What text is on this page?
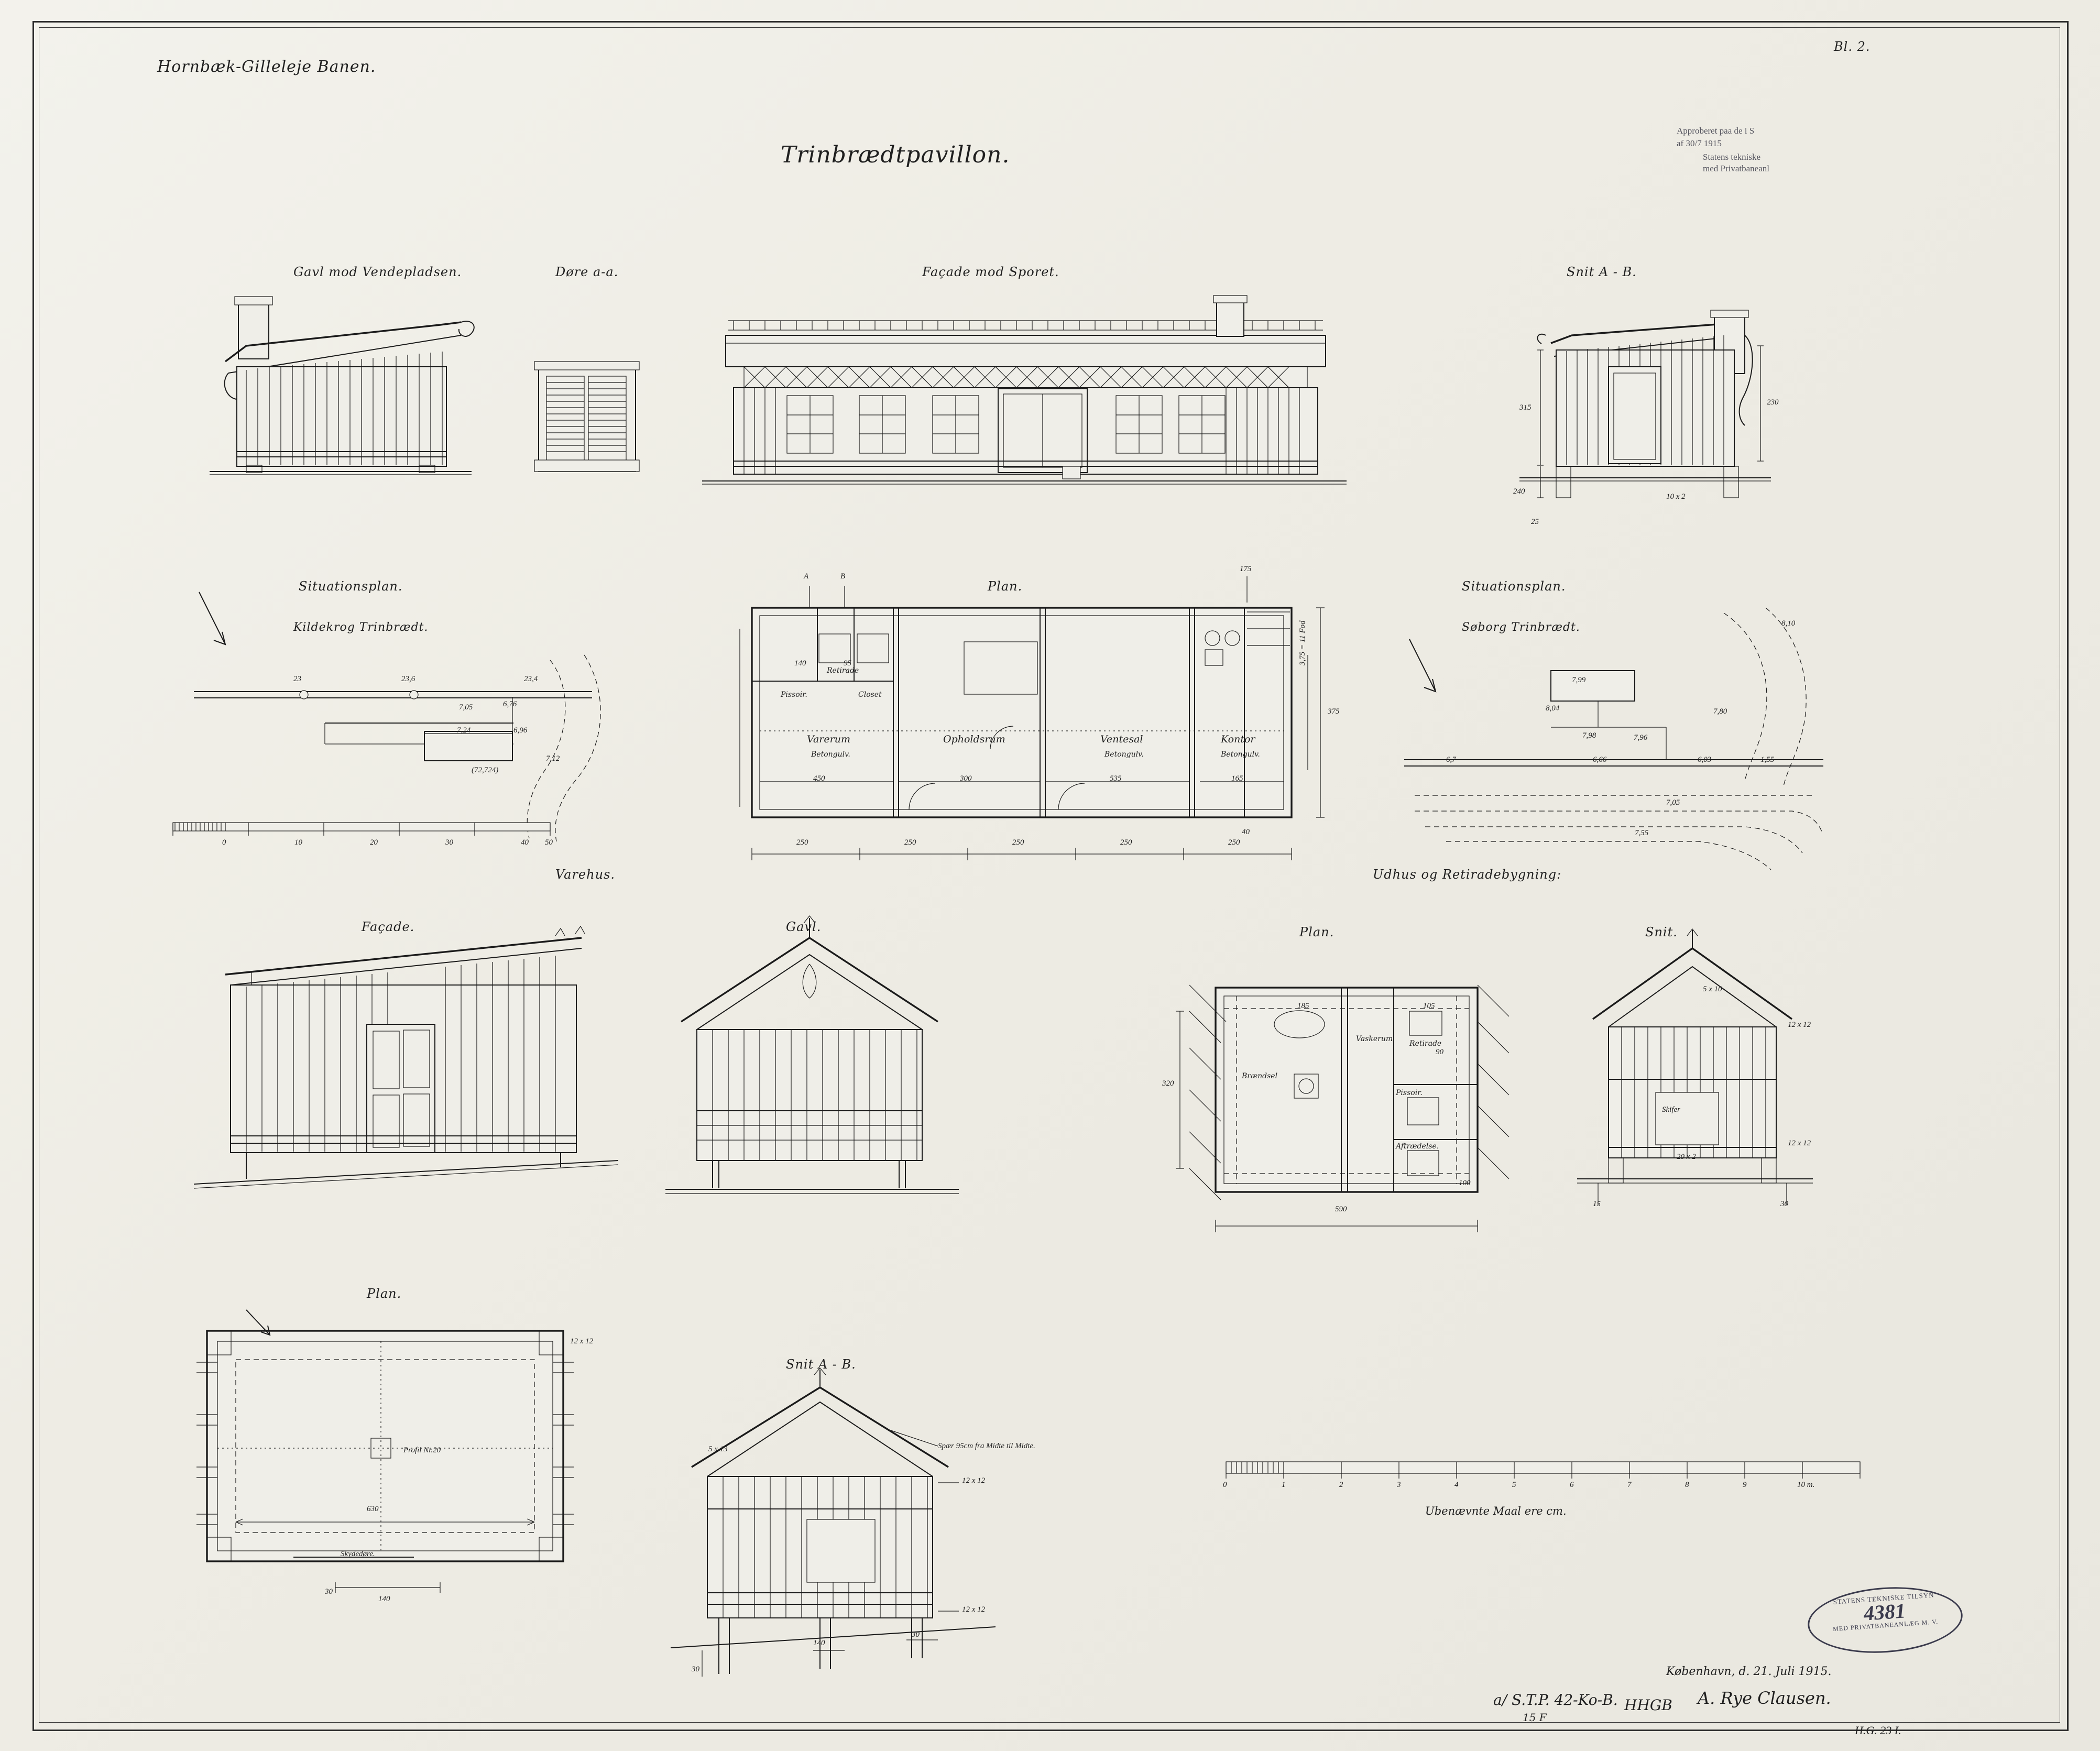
Hornbæk-Gilleleje Banen.
Bl. 2.
Trinbrædtpavillon.
H.G. 23 I.
Approberet paa de i S
af 30/7 1915
Statens tekniske
med Privatbaneanl
Gavl mod Vendepladsen.	Døre a-a.	Façade mod Sporet.	Snit A - B.
Situationsplan.
Kildekrog Trinbrædt.
Situationsplan.
Søborg Trinbrædt.
Plan.
Varehus.	Udhus og Retiradebygning:
Façade.	Gavl.	Plan.	Snit.
Plan.
Snit A - B.
Pissoir.
Retirade
Closet
Varerum
Betongulv.
Opholdsrum	Ventesal
Betongulv.
Kontor
Betongulv.
140	95
450	300	535	165
375
3,75 = 11 Fod
250	250	250	250	250
A	B
175
40
315
230
240
10 x 2
25
23	23,6	23,4
7,05	6,76
7,24	6,96
(72,724)
7,12
7,99
8,04
7,98	7,96
6,7	6,66	6,03	1,55
8,10
7,80
7,05
7,55
Brændsel
Vaskerum
Retirade
Pissoir.
Aftrædelse.
185	105
320
90
590
100
5 x 10
12 x 12
12 x 12
Skifer
20 x 2
15	30
12 x 12
Profil Nr.20
Skydedøre.
630
140
30
5 x 13	Spær 95cm fra Midte til Midte.
12 x 12
12 x 12
30
30
140
0	1	2	3	4	5	6	7	8	9	10 m.
Ubenævnte Maal ere cm.
0	10	20	30	40 50
København, d. 21. Juli 1915.
a/ S.T.P. 42-Ko-B.
15 F
HHGB A. Rye Clausen.
STATENS TEKNISKE TILSYN
4381
MED PRIVATBANEANLÆG M. V.
